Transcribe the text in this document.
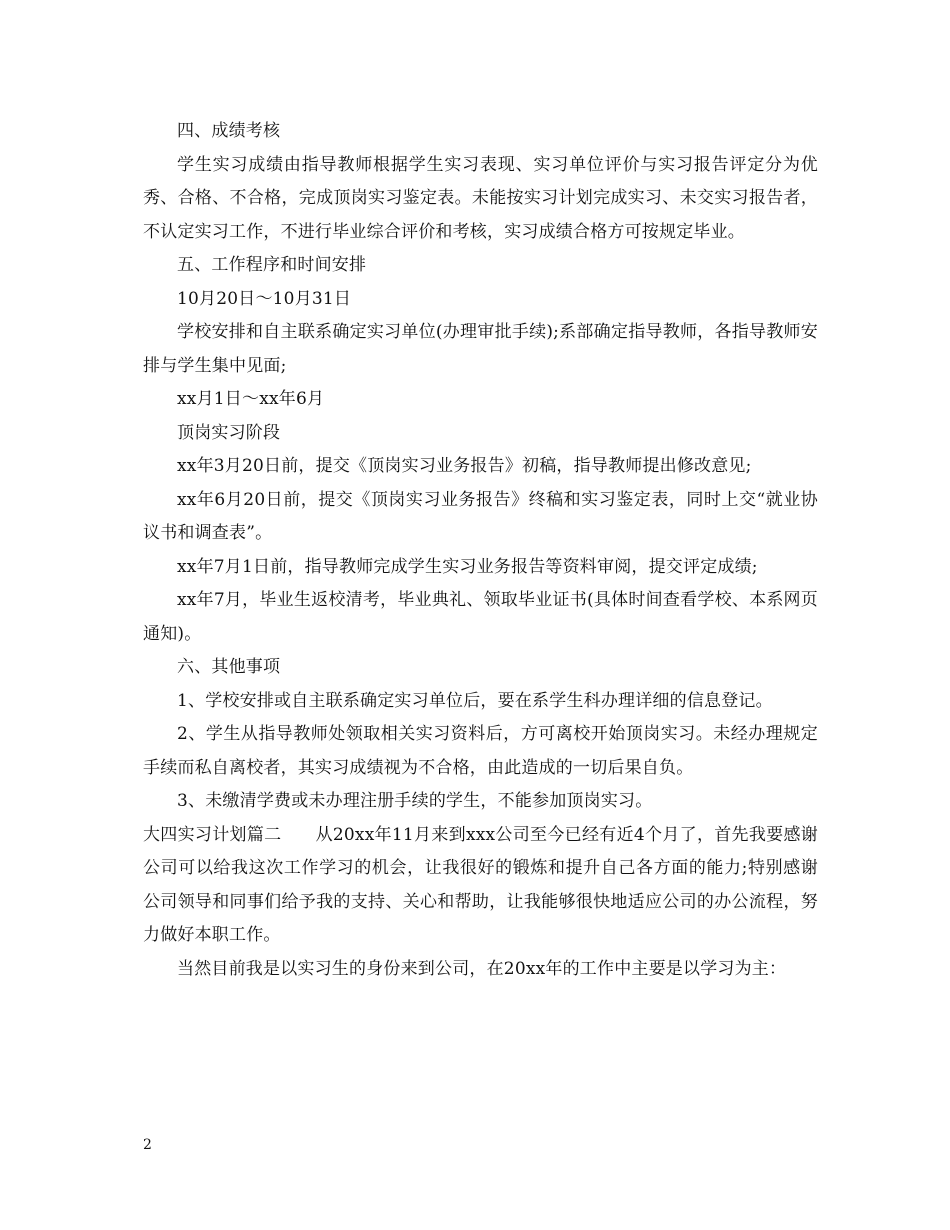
四、成绩考核

学生实习成绩由指导教师根据学生实习表现、实习单位评价与实习报告评定分为优秀、合格、不合格，完成顶岗实习鉴定表。未能按实习计划完成实习、未交实习报告者，不认定实习工作，不进行毕业综合评价和考核，实习成绩合格方可按规定毕业。

五、工作程序和时间安排

10月20日～10月31日

学校安排和自主联系确定实习单位(办理审批手续);系部确定指导教师，各指导教师安排与学生集中见面;

xx月1日～xx年6月

顶岗实习阶段

xx年3月20日前，提交《顶岗实习业务报告》初稿，指导教师提出修改意见;

xx年6月20日前，提交《顶岗实习业务报告》终稿和实习鉴定表，同时上交“就业协议书和调查表”。

xx年7月1日前，指导教师完成学生实习业务报告等资料审阅，提交评定成绩;

xx年7月，毕业生返校清考，毕业典礼、领取毕业证书(具体时间查看学校、本系网页通知)。

六、其他事项

1、学校安排或自主联系确定实习单位后，要在系学生科办理详细的信息登记。

2、学生从指导教师处领取相关实习资料后，方可离校开始顶岗实习。未经办理规定手续而私自离校者，其实习成绩视为不合格，由此造成的一切后果自负。

3、未缴清学费或未办理注册手续的学生，不能参加顶岗实习。

大四实习计划篇二 从20xx年11月来到xxx公司至今已经有近4个月了，首先我要感谢公司可以给我这次工作学习的机会，让我很好的锻炼和提升自己各方面的能力;特别感谢公司领导和同事们给予我的支持、关心和帮助，让我能够很快地适应公司的办公流程，努力做好本职工作。

当然目前我是以实习生的身份来到公司，在20xx年的工作中主要是以学习为主：

2
